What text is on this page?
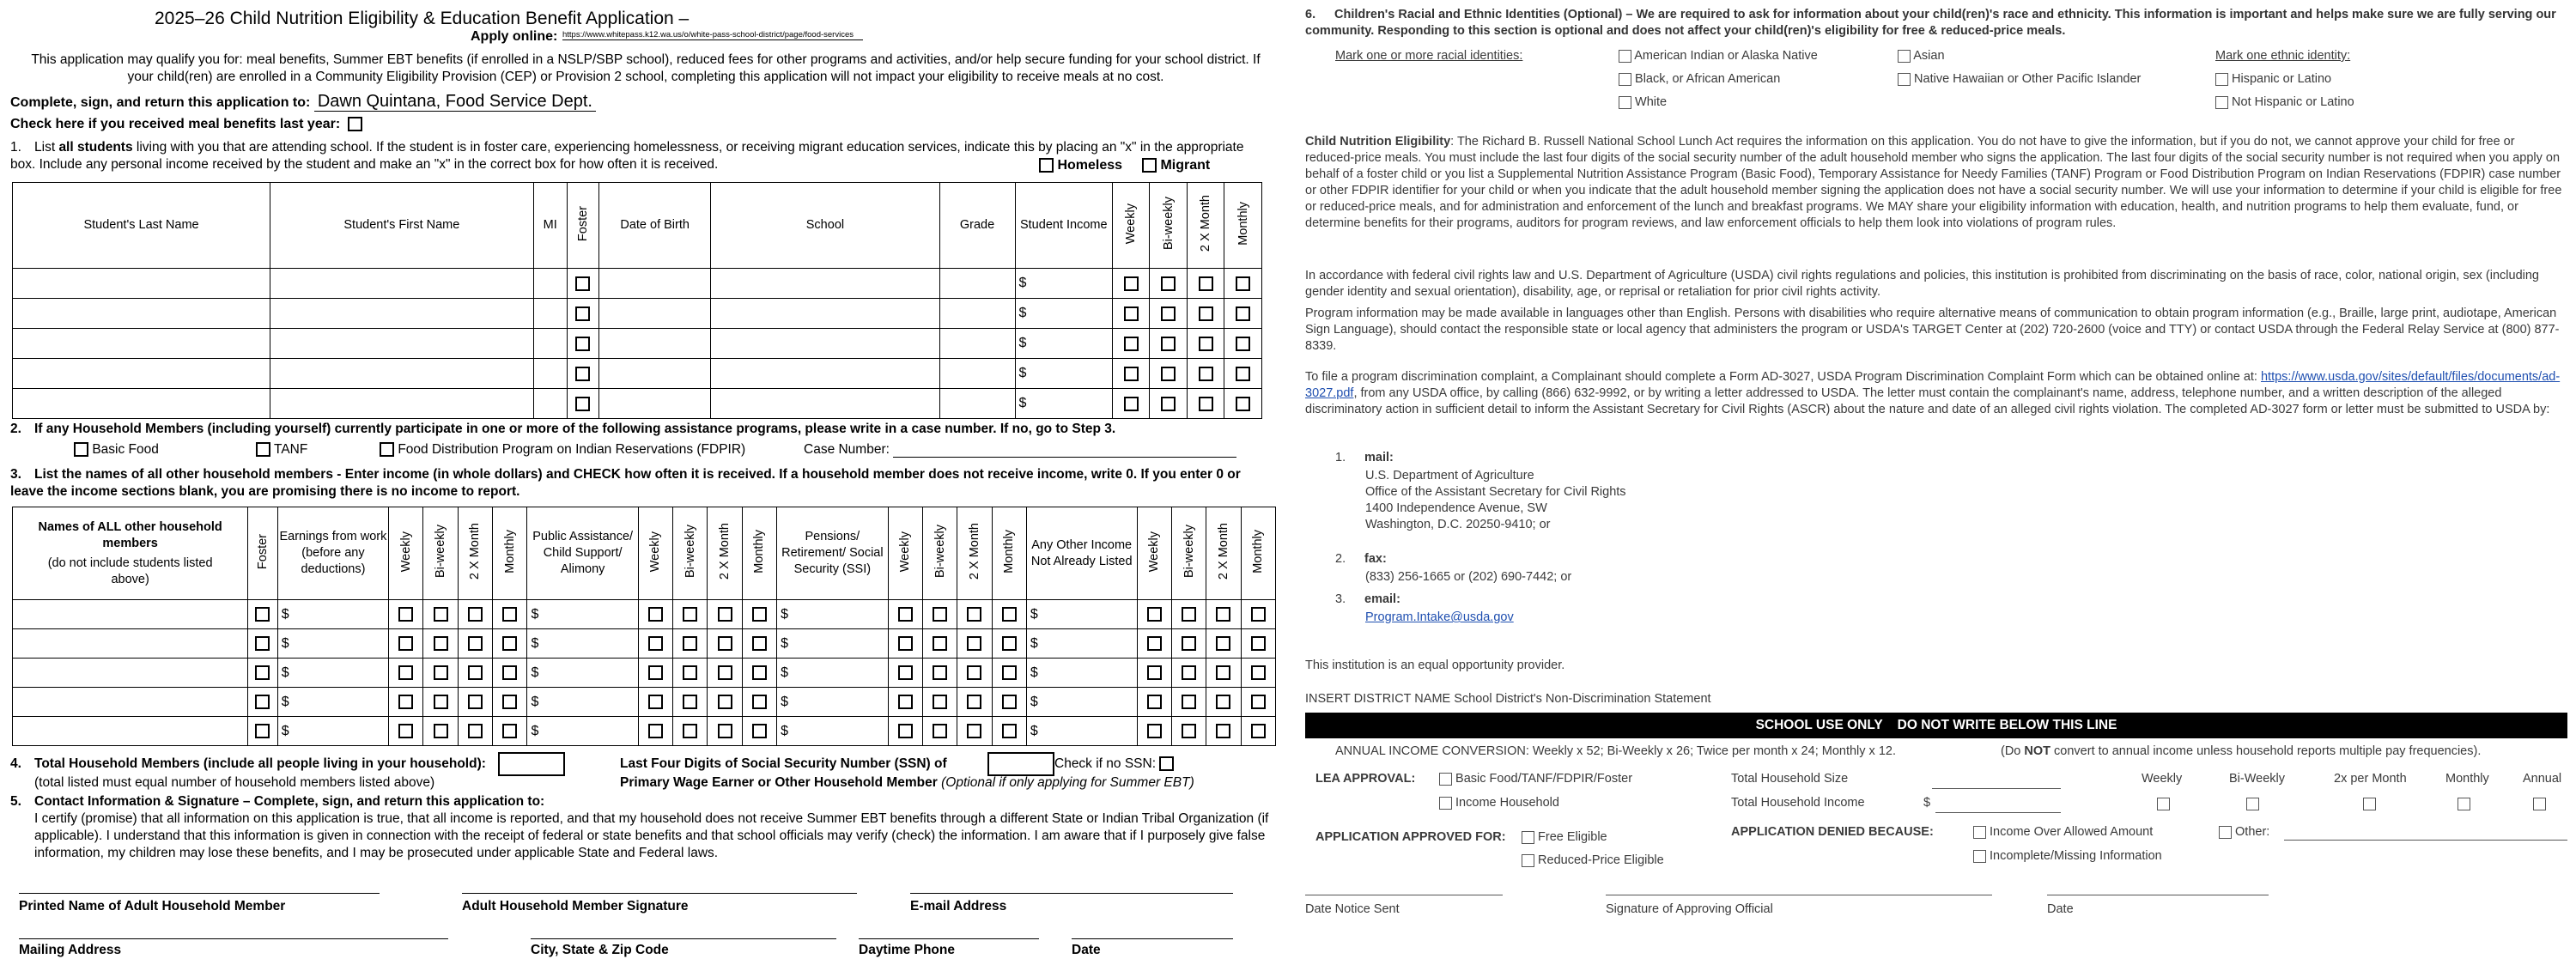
2025–26 Child Nutrition Eligibility & Education Benefit Application –
Apply online: https://www.whitepass.k12.wa.us/o/white-pass-school-district/page/food-services
This application may qualify you for: meal benefits, Summer EBT benefits (if enrolled in a NSLP/SBP school), reduced fees for other programs and activities, and/or help secure funding for your school district. If your child(ren) are enrolled in a Community Eligibility Provision (CEP) or Provision 2 school, completing this application will not impact your eligibility to receive meals at no cost.
Complete, sign, and return this application to: Dawn Quintana, Food Service Dept.
Check here if you received meal benefits last year:
1. List all students living with you that are attending school. If the student is in foster care, experiencing homelessness, or receiving migrant education services, indicate this by placing an "x" in the appropriate box. Include any personal income received by the student and make an "x" in the correct box for how often it is received.	Homeless	Migrant
Student's Last Name	Student's First Name	MI	Foster	Date of Birth	School	Grade	Student Income	Weekly	Bi-weekly	2 X Month	Monthly
							$				
							$				
							$				
							$				
							$				
2. If any Household Members (including yourself) currently participate in one or more of the following assistance programs, please write in a case number. If no, go to Step 3.
Basic Food	TANF	Food Distribution Program on Indian Reservations (FDPIR)	Case Number:
3. List the names of all other household members - Enter income (in whole dollars) and CHECK how often it is received. If a household member does not receive income, write 0. If you enter 0 or leave the income sections blank, you are promising there is no income to report.
Names of ALL other household members
(do not include students listed above)	Foster	Earnings from work (before any deductions)	Weekly	Bi-weekly	2 X Month	Monthly	Public Assistance/ Child Support/ Alimony	Weekly	Bi-weekly	2 X Month	Monthly	Pensions/ Retirement/ Social Security (SSI)	Weekly	Bi-weekly	2 X Month	Monthly	Any Other Income Not Already Listed	Weekly	Bi-weekly	2 X Month	Monthly
		$					$					$					$				
		$					$					$					$				
		$					$					$					$				
		$					$					$					$				
		$					$					$					$				
4. Total Household Members (include all people living in your household):
(total listed must equal number of household members listed above)
Last Four Digits of Social Security Number (SSN) of	Check if no SSN:
Primary Wage Earner or Other Household Member (Optional if only applying for Summer EBT)
5. Contact Information & Signature – Complete, sign, and return this application to:
I certify (promise) that all information on this application is true, that all income is reported, and that my household does not receive Summer EBT benefits through a different State or Indian Tribal Organization (if applicable). I understand that this information is given in connection with the receipt of federal or state benefits and that school officials may verify (check) the information. I am aware that if I purposely give false information, my children may lose these benefits, and I may be prosecuted under applicable State and Federal laws.
Printed Name of Adult Household Member	Adult Household Member Signature	E-mail Address
Mailing Address	City, State & Zip Code	Daytime Phone	Date
6. Children's Racial and Ethnic Identities (Optional) – We are required to ask for information about your child(ren)'s race and ethnicity. This information is important and helps make sure we are fully serving our community. Responding to this section is optional and does not affect your child(ren)'s eligibility for free & reduced-price meals.
Mark one or more racial identities:	American Indian or Alaska Native	Asian
Black, or African American	Native Hawaiian or Other Pacific Islander
White
Mark one ethnic identity:
Hispanic or Latino
Not Hispanic or Latino
Child Nutrition Eligibility: The Richard B. Russell National School Lunch Act requires the information on this application. You do not have to give the information, but if you do not, we cannot approve your child for free or reduced-price meals. You must include the last four digits of the social security number of the adult household member who signs the application. The last four digits of the social security number is not required when you apply on behalf of a foster child or you list a Supplemental Nutrition Assistance Program (Basic Food), Temporary Assistance for Needy Families (TANF) Program or Food Distribution Program on Indian Reservations (FDPIR) case number or other FDPIR identifier for your child or when you indicate that the adult household member signing the application does not have a social security number. We will use your information to determine if your child is eligible for free or reduced-price meals, and for administration and enforcement of the lunch and breakfast programs. We MAY share your eligibility information with education, health, and nutrition programs to help them evaluate, fund, or determine benefits for their programs, auditors for program reviews, and law enforcement officials to help them look into violations of program rules.
In accordance with federal civil rights law and U.S. Department of Agriculture (USDA) civil rights regulations and policies, this institution is prohibited from discriminating on the basis of race, color, national origin, sex (including gender identity and sexual orientation), disability, age, or reprisal or retaliation for prior civil rights activity.
Program information may be made available in languages other than English. Persons with disabilities who require alternative means of communication to obtain program information (e.g., Braille, large print, audiotape, American Sign Language), should contact the responsible state or local agency that administers the program or USDA's TARGET Center at (202) 720-2600 (voice and TTY) or contact USDA through the Federal Relay Service at (800) 877-8339.
To file a program discrimination complaint, a Complainant should complete a Form AD-3027, USDA Program Discrimination Complaint Form which can be obtained online at: https://www.usda.gov/sites/default/files/documents/ad-3027.pdf, from any USDA office, by calling (866) 632-9992, or by writing a letter addressed to USDA. The letter must contain the complainant's name, address, telephone number, and a written description of the alleged discriminatory action in sufficient detail to inform the Assistant Secretary for Civil Rights (ASCR) about the nature and date of an alleged civil rights violation. The completed AD-3027 form or letter must be submitted to USDA by:
1. mail:
U.S. Department of Agriculture
Office of the Assistant Secretary for Civil Rights
1400 Independence Avenue, SW
Washington, D.C. 20250-9410; or
2. fax:
(833) 256-1665 or (202) 690-7442; or
3. email:
Program.Intake@usda.gov
This institution is an equal opportunity provider.
INSERT DISTRICT NAME School District's Non-Discrimination Statement
SCHOOL USE ONLY    DO NOT WRITE BELOW THIS LINE
ANNUAL INCOME CONVERSION: Weekly x 52; Bi-Weekly x 26; Twice per month x 24; Monthly x 12.	(Do NOT convert to annual income unless household reports multiple pay frequencies).
LEA APPROVAL:	Basic Food/TANF/FDPIR/Foster
Income Household
Total Household Size
Total Household Income	$
Weekly	Bi-Weekly	2x per Month	Monthly	Annual
APPLICATION APPROVED FOR:	Free Eligible
Reduced-Price Eligible
APPLICATION DENIED BECAUSE:	Income Over Allowed Amount
Incomplete/Missing Information
Other:
Date Notice Sent	Signature of Approving Official	Date
